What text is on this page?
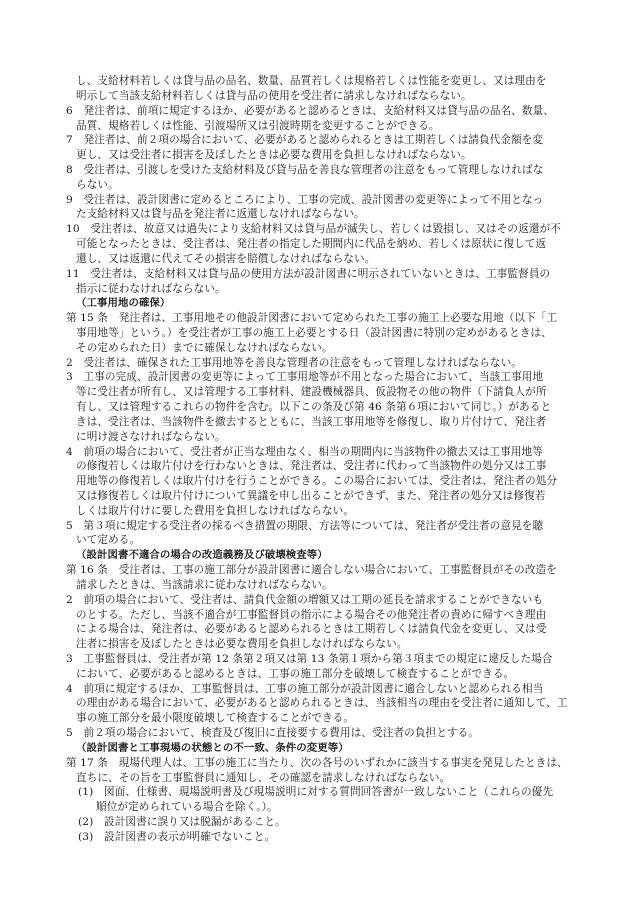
し、支給材料若しくは貸与品の品名、数量、品質若しくは規格若しくは性能を変更し、又は理由を
明示して当該支給材料若しくは貸与品の使用を受注者に請求しなければならない。
6　発注者は、前項に規定するほか、必要があると認めるときは、支給材料又は貸与品の品名、数量、
品質、規格若しくは性能、引渡場所又は引渡時期を変更することができる。
7　発注者は、前２項の場合において、必要があると認められるときは工期若しくは請負代金額を変
更し、又は受注者に損害を及ぼしたときは必要な費用を負担しなければならない。
8　受注者は、引渡しを受けた支給材料及び貸与品を善良な管理者の注意をもって管理しなければな
らない。
9　受注者は、設計図書に定めるところにより、工事の完成、設計図書の変更等によって不用となっ
た支給材料又は貸与品を発注者に返還しなければならない。
10　受注者は、故意又は過失により支給材料又は貸与品が滅失し、若しくは毀損し、又はその返還が不
可能となったときは、受注者は、発注者の指定した期間内に代品を納め、若しくは原状に復して返
還し、又は返還に代えてその損害を賠償しなければならない。
11　受注者は、支給材料又は貸与品の使用方法が設計図書に明示されていないときは、工事監督員の
指示に従わなければならない。
（工事用地の確保）
第 15 条　発注者は、工事用地その他設計図書において定められた工事の施工上必要な用地（以下「工
事用地等」という。）を受注者が工事の施工上必要とする日（設計図書に特別の定めがあるときは、
その定められた日）までに確保しなければならない。
2　受注者は、確保された工事用地等を善良な管理者の注意をもって管理しなければならない。
3　工事の完成、設計図書の変更等によって工事用地等が不用となった場合において、当該工事用地
等に受注者が所有し、又は管理する工事材料、建設機械器具、仮設物その他の物件（下請負人が所
有し、又は管理するこれらの物件を含む。以下この条及び第 46 条第６項において同じ。）があると
きは、受注者は、当該物件を撤去するとともに、当該工事用地等を修復し、取り片付けて、発注者
に明け渡さなければならない。
4　前項の場合において、受注者が正当な理由なく、相当の期間内に当該物件の撤去又は工事用地等
の修復若しくは取片付けを行わないときは、発注者は、受注者に代わって当該物件の処分又は工事
用地等の修復若しくは取片付けを行うことができる。この場合においては、受注者は、発注者の処分
又は修復若しくは取片付けについて異議を申し出ることができず、また、発注者の処分又は修復若
しくは取片付けに要した費用を負担しなければならない。
5　第３項に規定する受注者の採るべき措置の期限、方法等については、発注者が受注者の意見を聴
いて定める。
（設計図書不適合の場合の改造義務及び破壊検査等）
第 16 条　受注者は、工事の施工部分が設計図書に適合しない場合において、工事監督員がその改造を
請求したときは、当該請求に従わなければならない。
2　前項の場合において、受注者は、請負代金額の増額又は工期の延長を請求することができないも
のとする。ただし、当該不適合が工事監督員の指示による場合その他発注者の責めに帰すべき理由
による場合は、発注者は、必要があると認められるときは工期若しくは請負代金を変更し、又は受
注者に損害を及ぼしたときは必要な費用を負担しなければならない。
3　工事監督員は、受注者が第 12 条第２項又は第 13 条第１項から第３項までの規定に違反した場合
において、必要があると認めるときは、工事の施工部分を破壊して検査することができる。
4　前項に規定するほか、工事監督員は、工事の施工部分が設計図書に適合しないと認められる相当
の理由がある場合において、必要があると認められるときは、当該相当の理由を受注者に通知して、工
事の施工部分を最小限度破壊して検査することができる。
5　前２項の場合において、検査及び復旧に直接要する費用は、受注者の負担とする。
（設計図書と工事現場の状態との不一致、条件の変更等）
第 17 条　現場代理人は、工事の施工に当たり、次の各号のいずれかに該当する事実を発見したときは、
直ちに、その旨を工事監督員に通知し、その確認を請求しなければならない。
(1)　図面、仕様書、現場説明書及び現場説明に対する質問回答書が一致しないこと（これらの優先
順位が定められている場合を除く。）。
(2)　設計図書に誤り又は脱漏があること。
(3)　設計図書の表示が明確でないこと。
